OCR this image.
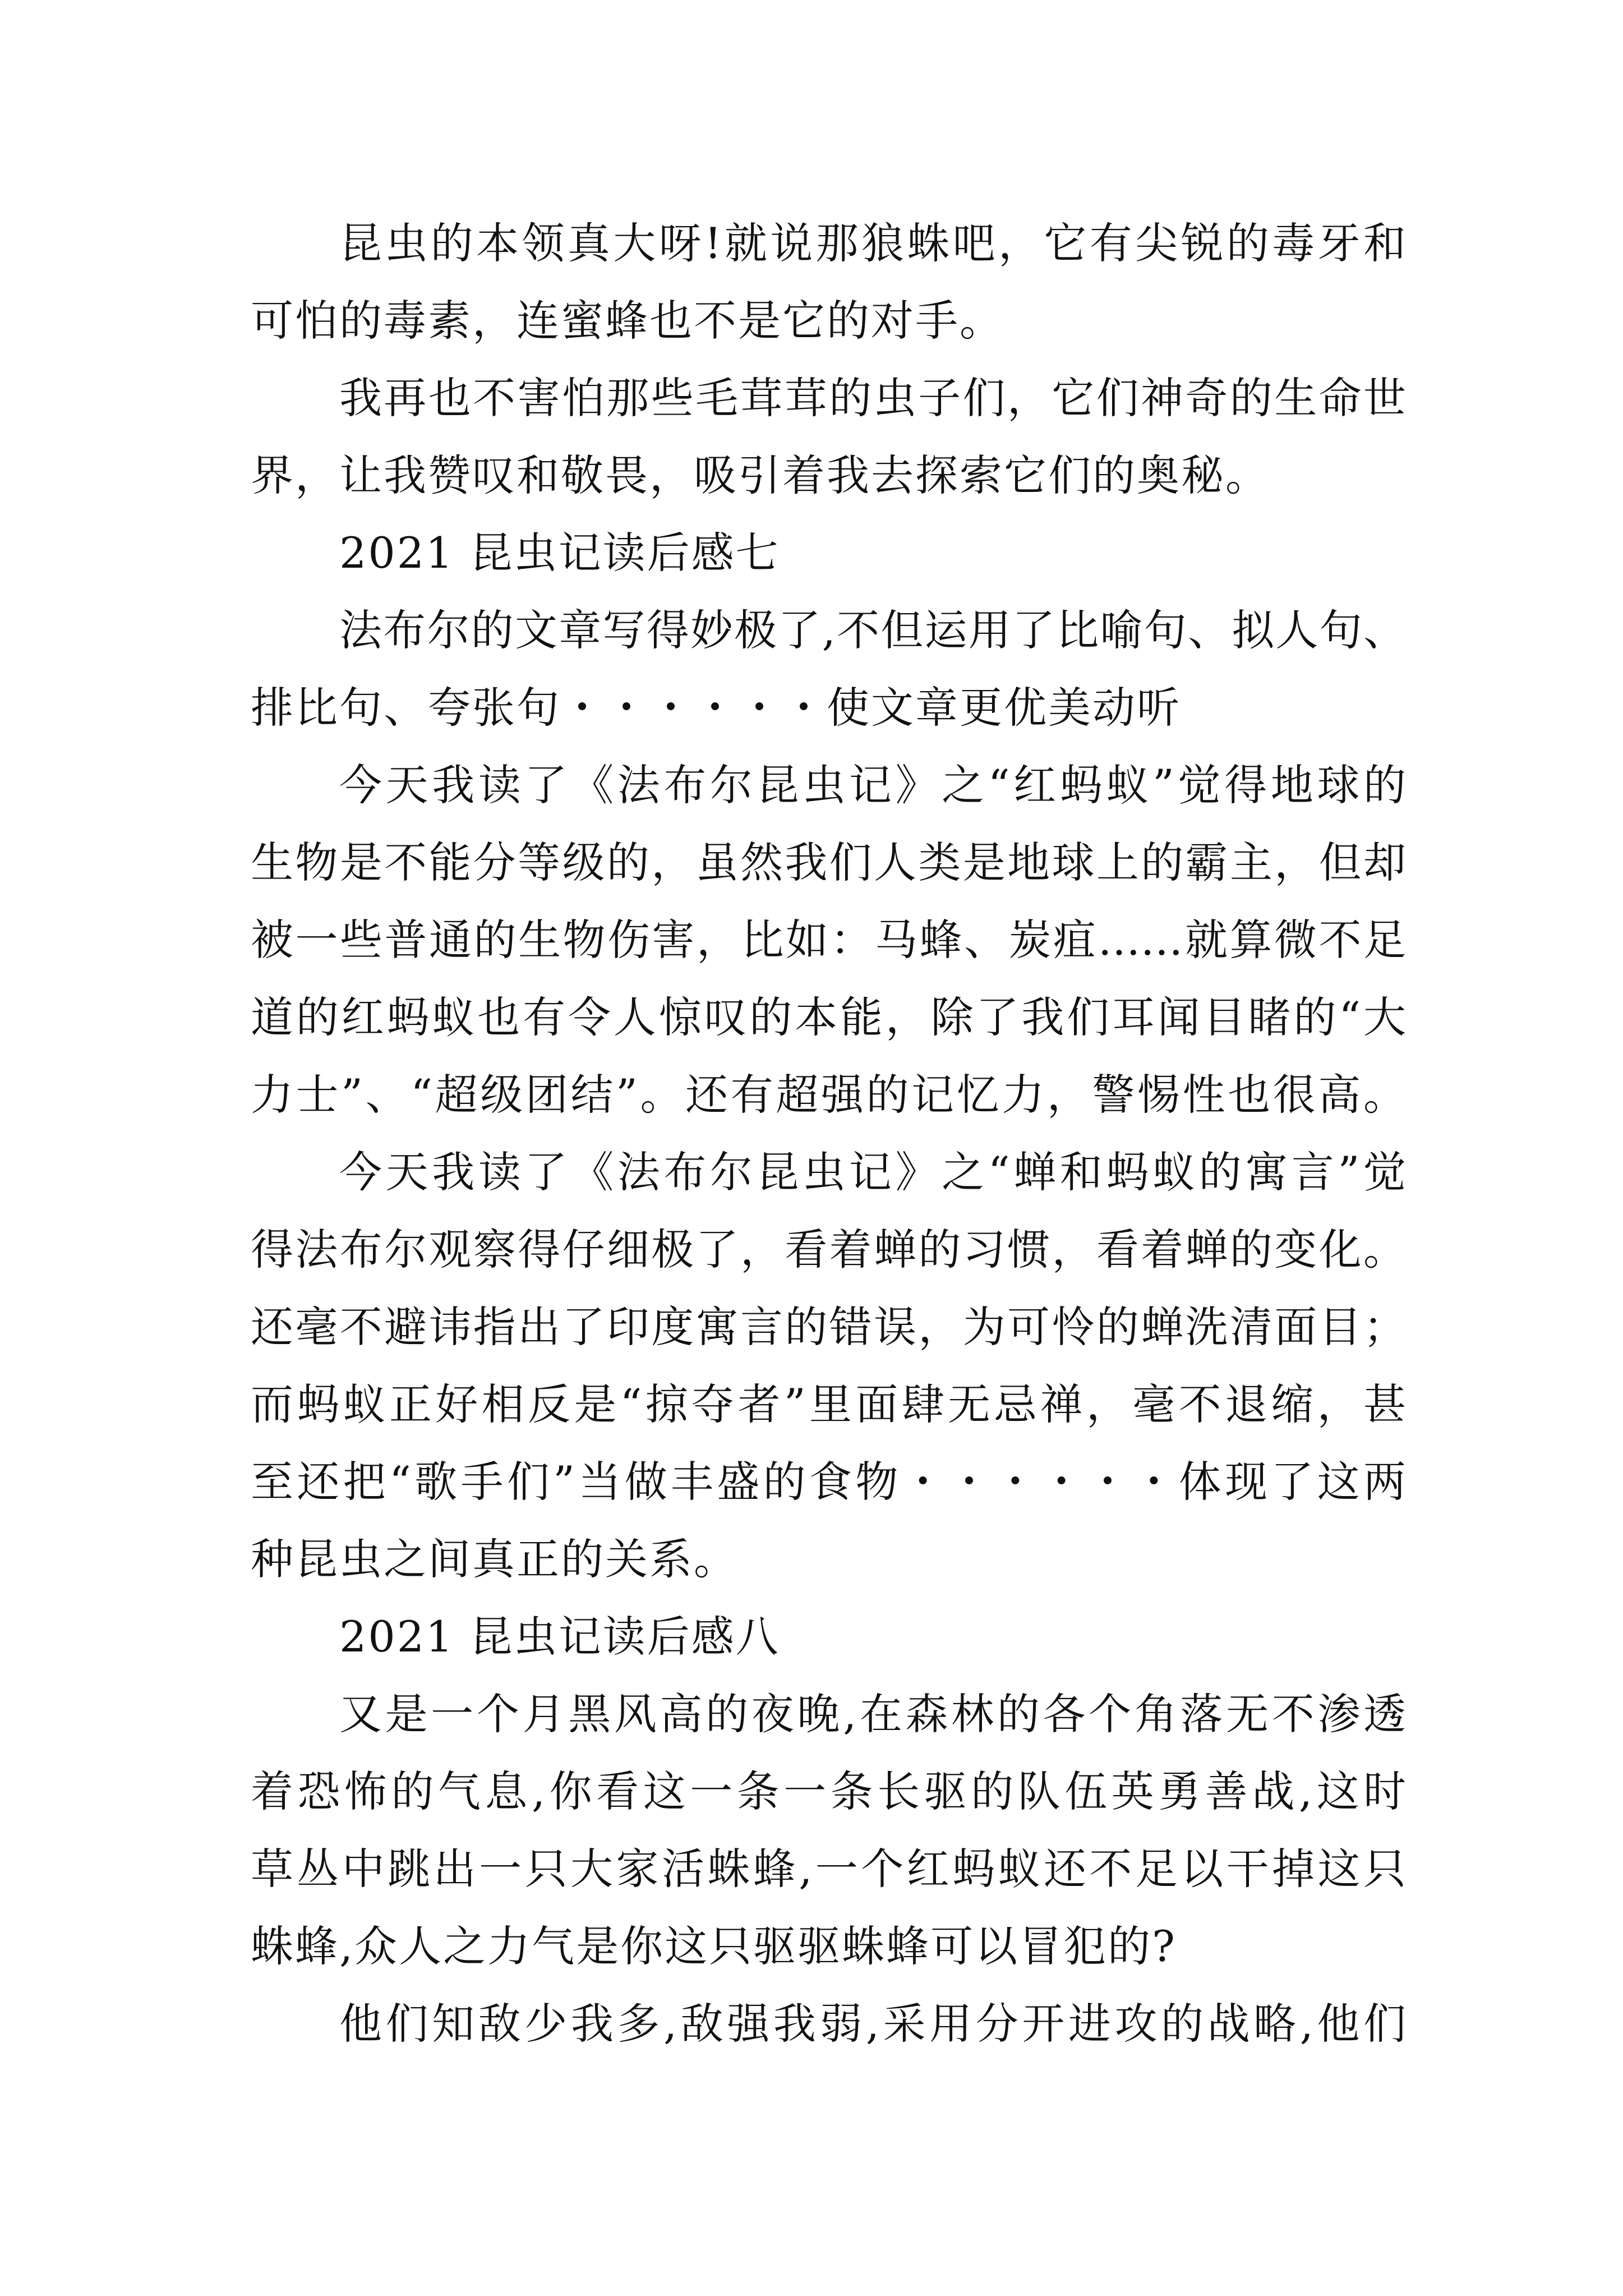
昆虫的本领真大呀!就说那狼蛛吧，它有尖锐的毒牙和
可怕的毒素，连蜜蜂也不是它的对手。
我再也不害怕那些毛茸茸的虫子们，它们神奇的生命世
界，让我赞叹和敬畏，吸引着我去探索它们的奥秘。
2021 昆虫记读后感七
法布尔的文章写得妙极了,不但运用了比喻句、拟人句、
排比句、夸张句・・・・・・使文章更优美动听
今天我读了《法布尔昆虫记》之“红蚂蚁”觉得地球的
生物是不能分等级的，虽然我们人类是地球上的霸主，但却
被一些普通的生物伤害，比如：马蜂、炭疽……就算微不足
道的红蚂蚁也有令人惊叹的本能，除了我们耳闻目睹的“大
力士”、“超级团结”。还有超强的记忆力，警惕性也很高。
今天我读了《法布尔昆虫记》之“蝉和蚂蚁的寓言”觉
得法布尔观察得仔细极了，看着蝉的习惯，看着蝉的变化。
还毫不避讳指出了印度寓言的错误，为可怜的蝉洗清面目；
而蚂蚁正好相反是“掠夺者”里面肆无忌禅，毫不退缩，甚
至还把“歌手们”当做丰盛的食物・・・・・・体现了这两
种昆虫之间真正的关系。
2021 昆虫记读后感八
又是一个月黑风高的夜晚,在森林的各个角落无不渗透
着恐怖的气息,你看这一条一条长驱的队伍英勇善战,这时
草丛中跳出一只大家活蛛蜂,一个红蚂蚁还不足以干掉这只
蛛蜂,众人之力气是你这只驱驱蛛蜂可以冒犯的?
他们知敌少我多,敌强我弱,采用分开进攻的战略,他们
